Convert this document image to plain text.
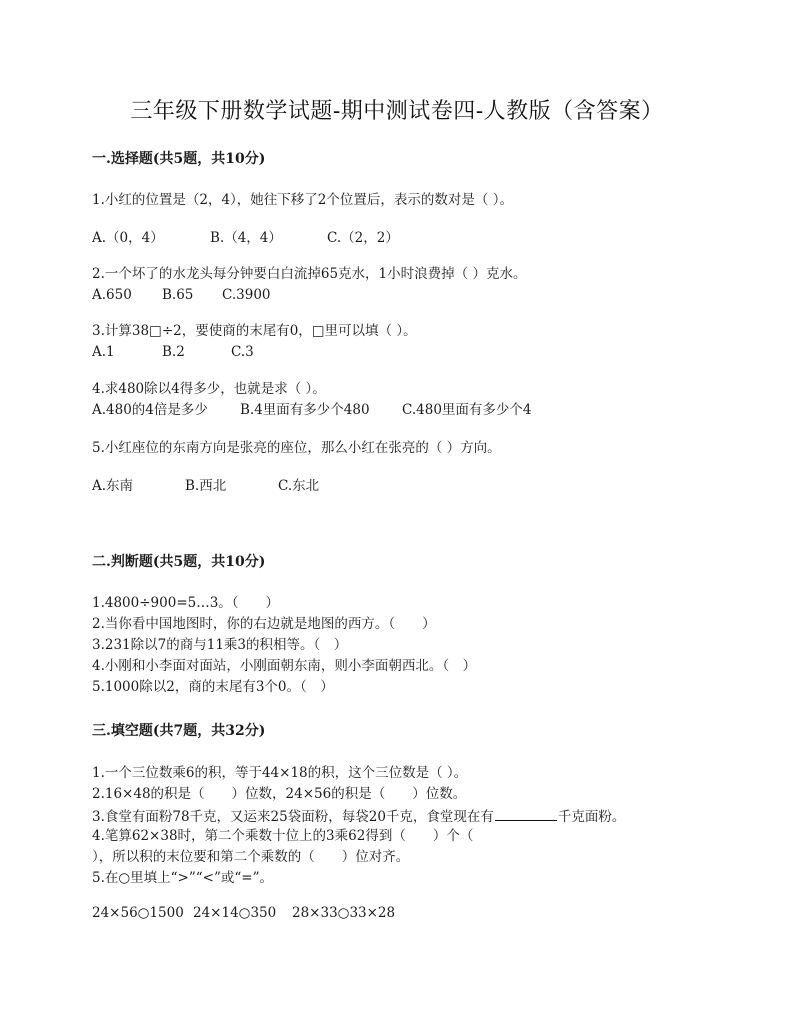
三年级下册数学试题-期中测试卷四-人教版（含答案）
一.选择题(共5题，共10分)
1.小红的位置是（2，4），她往下移了2个位置后，表示的数对是（ ）。
A.（0，4）	B.（4，4）	C.（2，2）
2.一个坏了的水龙头每分钟要白白流掉65克水，1小时浪费掉（ ）克水。
A.650 B.65 C.3900
3.计算38□÷2，要使商的末尾有0，□里可以填（ ）。
A.1	B.2	C.3
4.求480除以4得多少，也就是求（ ）。
A.480的4倍是多少 B.4里面有多少个480 C.480里面有多少个4
5.小红座位的东南方向是张亮的座位，那么小红在张亮的（ ）方向。
A.东南	B.西北	C.东北
二.判断题(共5题，共10分)
1.4800÷900=5…3。（　　）
2.当你看中国地图时，你的右边就是地图的西方。（　　）
3.231除以7的商与11乘3的积相等。（　）
4.小刚和小李面对面站，小刚面朝东南，则小李面朝西北。（　）
5.1000除以2，商的末尾有3个0。（　）
三.填空题(共7题，共32分)
1.一个三位数乘6的积，等于44×18的积，这个三位数是（ ）。
2.16×48的积是（　　）位数，24×56的积是（　　）位数。
3.食堂有面粉78千克，又运来25袋面粉，每袋20千克，食堂现在有	千克面粉。
4.笔算62×38时，第二个乘数十位上的3乘62得到（　　）个（
），所以积的末位要和第二个乘数的（　　）位对齐。
5.在○里填上“>”“<”或“=”。
24×56○1500 24×14○350 28×33○33×28
